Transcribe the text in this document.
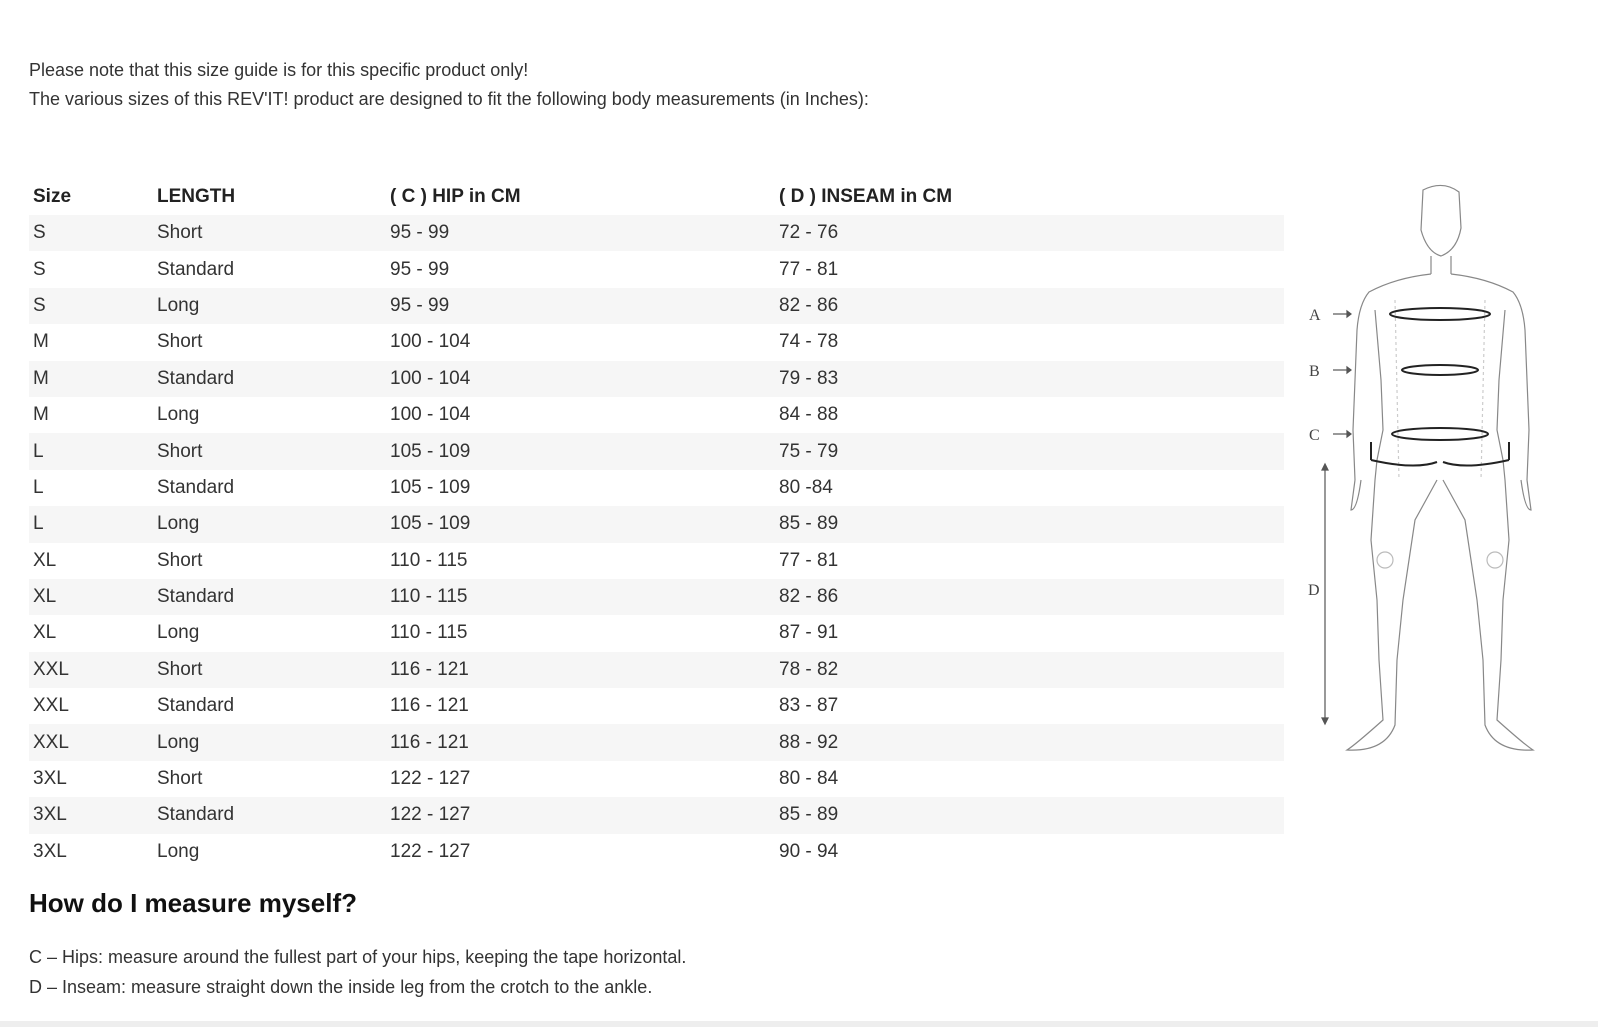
Please note that this size guide is for this specific product only!

The various sizes of this REV'IT! product are designed to fit the following body measurements (in Inches):

Size	LENGTH	( C ) HIP in CM	( D ) INSEAM in CM
S	Short	95 - 99	72 - 76
S	Standard	95 - 99	77 - 81
S	Long	95 - 99	82 - 86
M	Short	100 - 104	74 - 78
M	Standard	100 - 104	79 - 83
M	Long	100 - 104	84 - 88
L	Short	105 - 109	75 - 79
L	Standard	105 - 109	80 -84
L	Long	105 - 109	85 - 89
XL	Short	110 - 115	77 - 81
XL	Standard	110 - 115	82 - 86
XL	Long	110 - 115	87 - 91
XXL	Short	116 - 121	78 - 82
XXL	Standard	116 - 121	83 - 87
XXL	Long	116 - 121	88 - 92
3XL	Short	122 - 127	80 - 84
3XL	Standard	122 - 127	85 - 89
3XL	Long	122 - 127	90 - 94
How do I measure myself?

C – Hips: measure around the fullest part of your hips, keeping the tape horizontal.

D – Inseam: measure straight down the inside leg from the crotch to the ankle.

A
B
C
D
